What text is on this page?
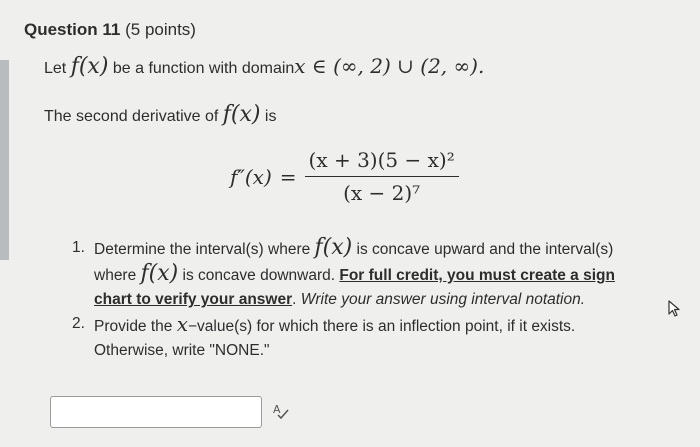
Question 11 (5 points)
Let f(x) be a function with domainx ∈ (∞, 2) ∪ (2, ∞).
The second derivative of f(x) is
$f''(x) = \frac{\text{(x + 3)(5 − x)²}}{\text{(x − 2)⁷}}$
1. Determine the interval(s) where f(x) is concave upward and the interval(s) where f(x) is concave downward. For full credit, you must create a sign chart to verify your answer. Write your answer using interval notation.
2. Provide the x−value(s) for which there is an inflection point, if it exists. Otherwise, write "NONE."
A
